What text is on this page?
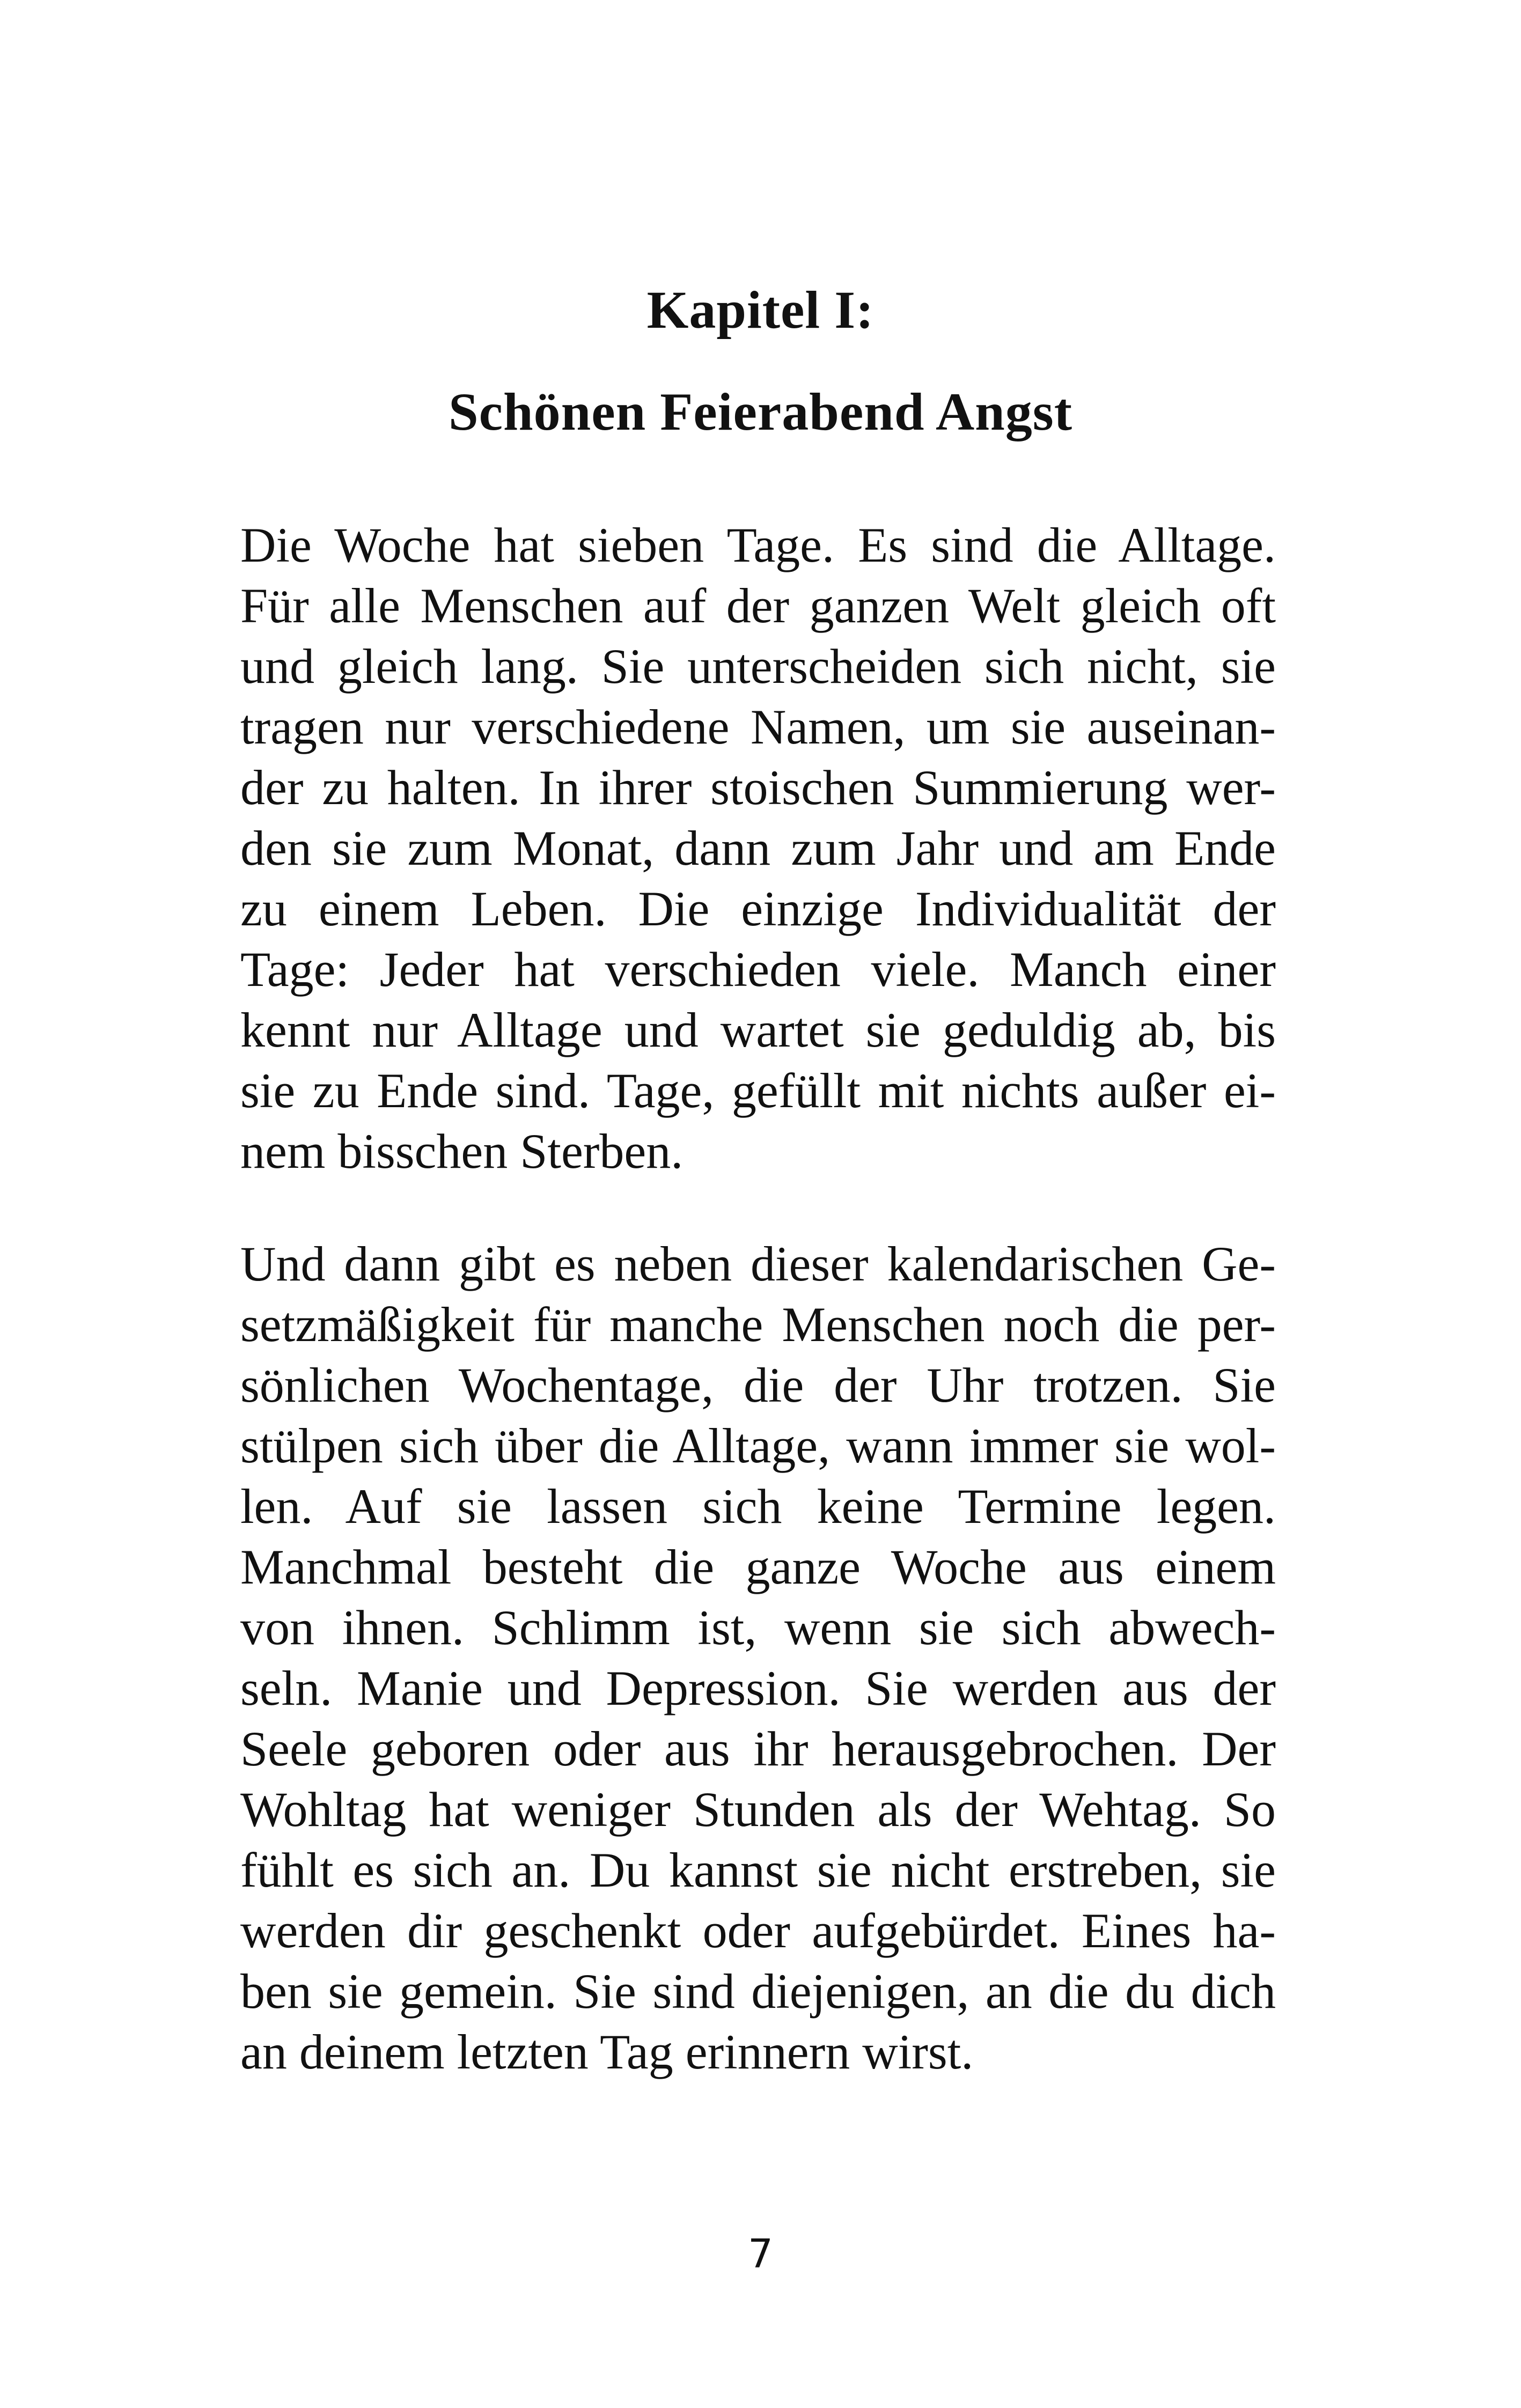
Kapitel I:
Schönen Feierabend Angst
Die Woche hat sieben Tage. Es sind die Alltage.
Für alle Menschen auf der ganzen Welt gleich oft
und gleich lang. Sie unterscheiden sich nicht, sie
tragen nur verschiedene Namen, um sie auseinan-
der zu halten. In ihrer stoischen Summierung wer-
den sie zum Monat, dann zum Jahr und am Ende
zu einem Leben. Die einzige Individualität der
Tage: Jeder hat verschieden viele. Manch einer
kennt nur Alltage und wartet sie geduldig ab, bis
sie zu Ende sind. Tage, gefüllt mit nichts außer ei-
nem bisschen Sterben.
Und dann gibt es neben dieser kalendarischen Ge-
setzmäßigkeit für manche Menschen noch die per-
sönlichen Wochentage, die der Uhr trotzen. Sie
stülpen sich über die Alltage, wann immer sie wol-
len. Auf sie lassen sich keine Termine legen.
Manchmal besteht die ganze Woche aus einem
von ihnen. Schlimm ist, wenn sie sich abwech-
seln. Manie und Depression. Sie werden aus der
Seele geboren oder aus ihr herausgebrochen. Der
Wohltag hat weniger Stunden als der Wehtag. So
fühlt es sich an. Du kannst sie nicht erstreben, sie
werden dir geschenkt oder aufgebürdet. Eines ha-
ben sie gemein. Sie sind diejenigen, an die du dich
an deinem letzten Tag erinnern wirst.
7
